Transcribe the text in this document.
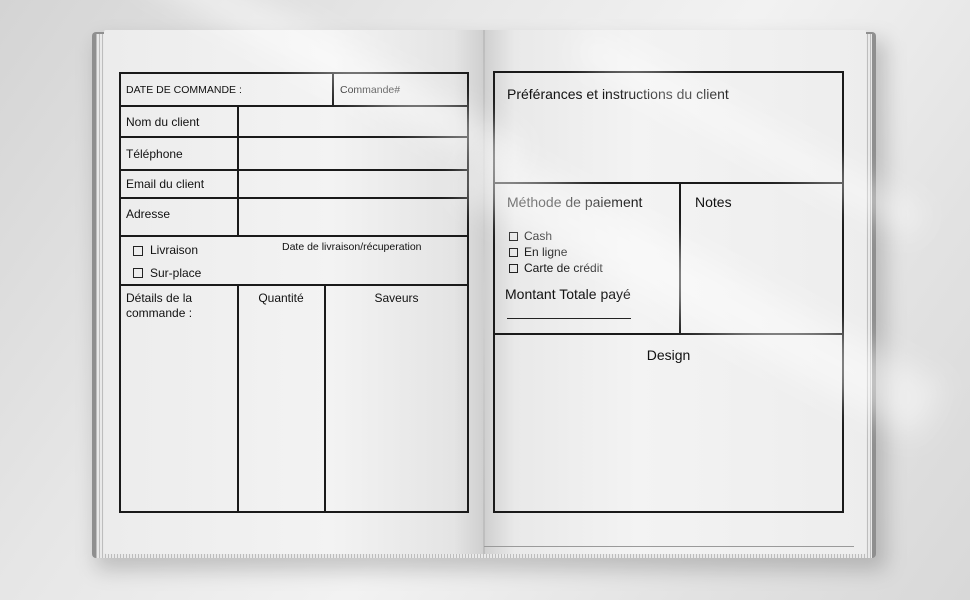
DATE DE COMMANDE :	Commande#
Nom du client
Téléphone
Email du client
Adresse
Livraison
Sur-place
Date de livraison/récuperation
Détails de la
commande :
Quantité	Saveurs
Préférances et instructions du client
Méthode de paiement
Cash
En ligne
Carte de crédit
Montant Totale payé
Notes
Design
